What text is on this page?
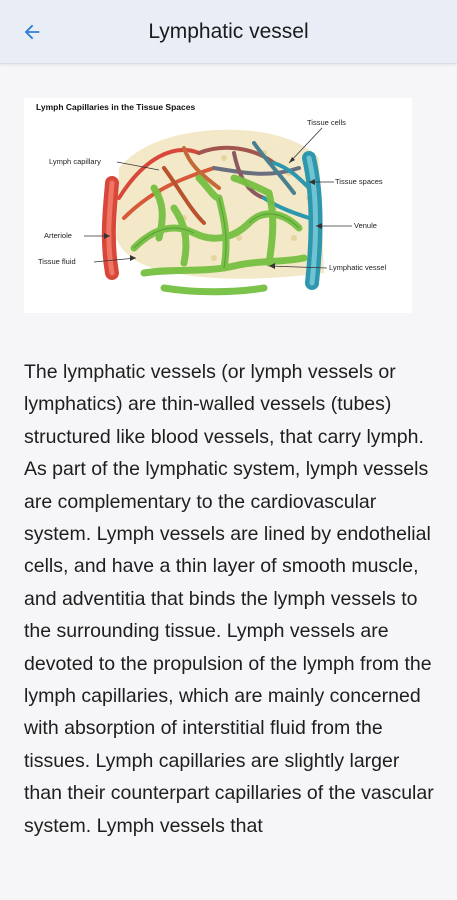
Lymphatic vessel
Lymph Capillaries in the Tissue Spaces
Tissue cells
Lymph capillary
Tissue spaces
Venule
Arteriole
Tissue fluid
Lymphatic vessel

The lymphatic vessels (or lymph vessels or lymphatics) are thin-walled vessels (tubes) structured like blood vessels, that carry lymph. As part of the lymphatic system, lymph vessels are complementary to the cardiovascular system. Lymph vessels are lined by endothelial cells, and have a thin layer of smooth muscle, and adventitia that binds the lymph vessels to the surrounding tissue. Lymph vessels are devoted to the propulsion of the lymph from the lymph capillaries, which are mainly concerned with absorption of interstitial fluid from the tissues. Lymph capillaries are slightly larger than their counterpart capillaries of the vascular system. Lymph vessels that
